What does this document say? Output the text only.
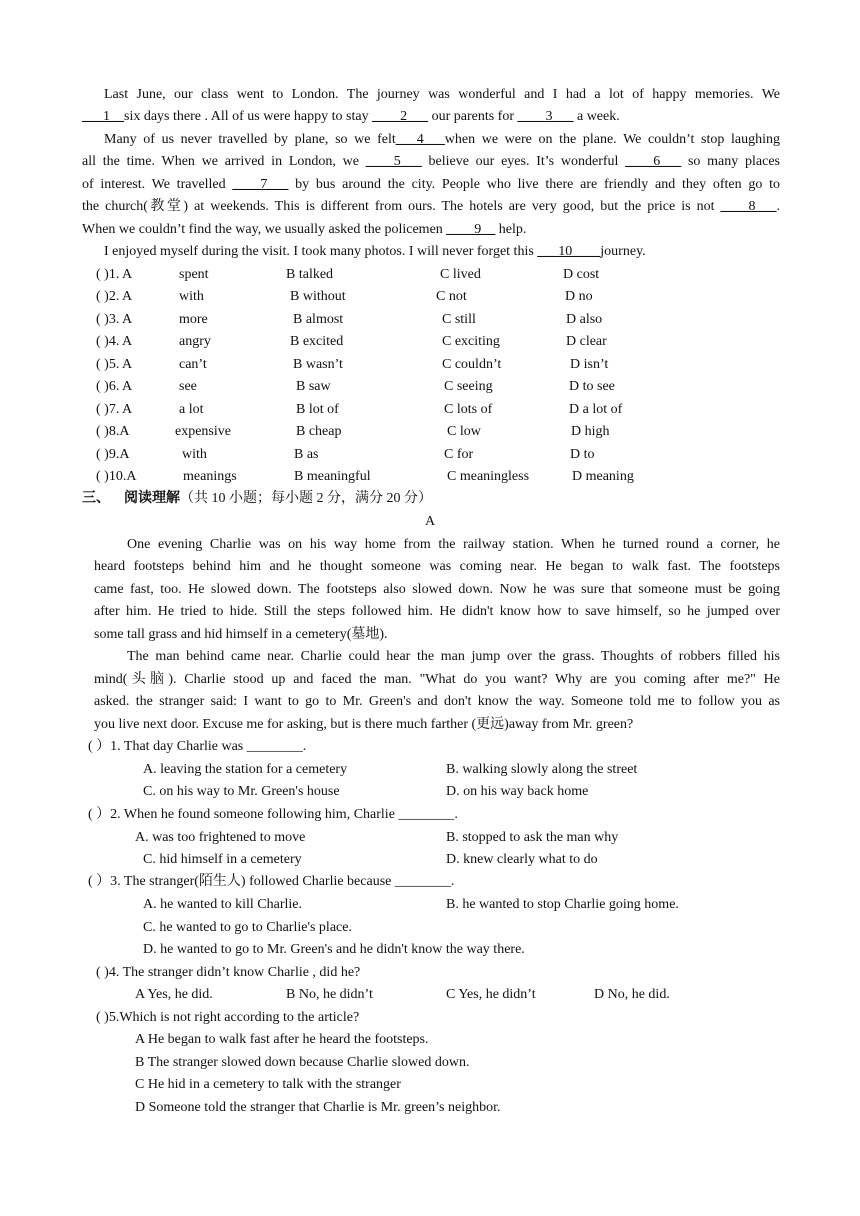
Last June, our class went to London. The journey was wonderful and I had a lot of happy memories. We
___1__six days there . All of us were happy to stay ____2___ our parents for ____3___ a week.
Many of us never travelled by plane, so we felt___4___when we were on the plane. We couldn’t stop laughing
all the time. When we arrived in London, we ____5___ believe our eyes. It’s wonderful ____6___ so many places
of interest. We travelled ____7___ by bus around the city. People who live there are friendly and they often go to
the church(教堂) at weekends. This is different from ours. The hotels are very good, but the price is not ____8___.
When we couldn’t find the way, we usually asked the policemen ____9__ help.
I enjoyed myself during the visit. I took many photos. I will never forget this ___10____journey.
( )1. A	spent	B talked	C lived	D cost
( )2. A	with	B without	C not	D no
( )3. A	more	B almost	C still	D also
( )4. A	angry	B excited	C exciting	D clear
( )5. A	can’t	B wasn’t	C couldn’t	D isn’t
( )6. A	see	B saw	C seeing	D to see
( )7. A	a lot	B lot of	C lots of	D a lot of
( )8.A	expensive	B cheap	C low	D high
( )9.A	with	B as	C for	D to
( )10.A	meanings	B meaningful	C meaningless	D meaning
三、 阅读理解（共 10 小题；每小题 2 分，满分 20 分）
A
One evening Charlie was on his way home from the railway station. When he turned round a corner, he
heard footsteps behind him and he thought someone was coming near. He began to walk fast. The footsteps
came fast, too. He slowed down. The footsteps also slowed down. Now he was sure that someone must be going
after him. He tried to hide. Still the steps followed him. He didn't know how to save himself, so he jumped over
some tall grass and hid himself in a cemetery(墓地).
The man behind came near. Charlie could hear the man jump over the grass. Thoughts of robbers filled his
mind(头脑). Charlie stood up and faced the man. "What do you want? Why are you coming after me?" He
asked. the stranger said: I want to go to Mr. Green's and don't know the way. Someone told me to follow you as
you live next door. Excuse me for asking, but is there much farther (更远)away from Mr. green?
( ）1. That day Charlie was ________.
A. leaving the station for a cemetery	B. walking slowly along the street
C. on his way to Mr. Green's house	D. on his way back home
( ）2. When he found someone following him, Charlie ________.
A. was too frightened to move	B. stopped to ask the man why
C. hid himself in a cemetery	D. knew clearly what to do
( ）3. The stranger(陌生人) followed Charlie because ________.
A. he wanted to kill Charlie.	B. he wanted to stop Charlie going home.
C. he wanted to go to Charlie's place.
D. he wanted to go to Mr. Green's and he didn't know the way there.
( )4. The stranger didn’t know Charlie , did he?
A Yes, he did.	B No, he didn’t	C Yes, he didn’t	D No, he did.
( )5.Which is not right according to the article?
A He began to walk fast after he heard the footsteps.
B The stranger slowed down because Charlie slowed down.
C He hid in a cemetery to talk with the stranger
D Someone told the stranger that Charlie is Mr. green’s neighbor.
